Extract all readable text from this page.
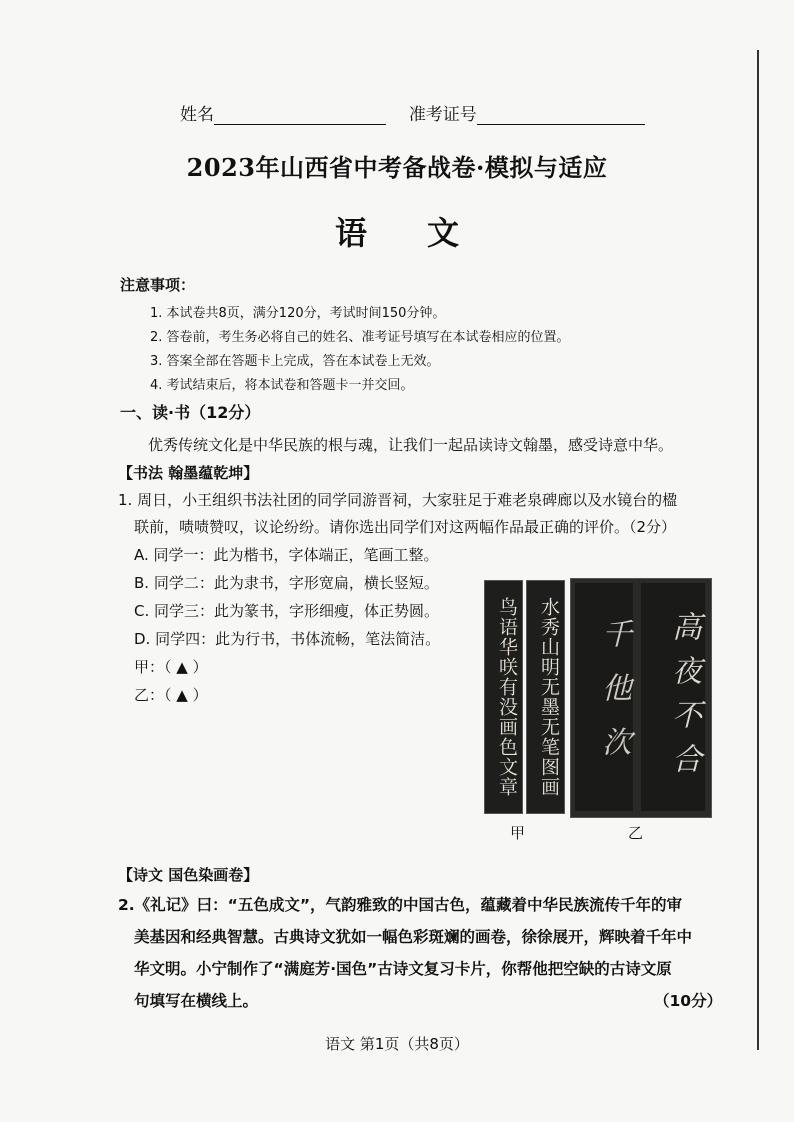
姓名	准考证号
2023年山西省中考备战卷·模拟与适应
语文
注意事项：
1. 本试卷共8页，满分120分，考试时间150分钟。
2. 答卷前，考生务必将自己的姓名、准考证号填写在本试卷相应的位置。
3. 答案全部在答题卡上完成，答在本试卷上无效。
4. 考试结束后，将本试卷和答题卡一并交回。
一、读·书（12分）
优秀传统文化是中华民族的根与魂，让我们一起品读诗文翰墨，感受诗意中华。
【书法 翰墨蕴乾坤】
1. 周日，小王组织书法社团的同学同游晋祠，大家驻足于难老泉碑廊以及水镜台的楹
联前，啧啧赞叹，议论纷纷。请你选出同学们对这两幅作品最正确的评价。（2分）
A. 同学一：此为楷书，字体端正，笔画工整。
B. 同学二：此为隶书，字形宽扁，横长竖短。
C. 同学三：此为篆书，字形细瘦，体正势圆。
D. 同学四：此为行书，书体流畅，笔法简洁。
甲：（ ▲ ）
乙：（ ▲ ）	鸟语华咲有没画色文章	水秀山明无墨无笔图画	千他㳄	高夜不合
甲	乙
【诗文 国色染画卷】
2.《礼记》曰：“五色成文”，气韵雅致的中国古色，蕴藏着中华民族流传千年的审
美基因和经典智慧。古典诗文犹如一幅色彩斑斓的画卷，徐徐展开，辉映着千年中
华文明。小宁制作了“满庭芳·国色”古诗文复习卡片，你帮他把空缺的古诗文原
句填写在横线上。	（10分）
语文 第1页（共8页）
